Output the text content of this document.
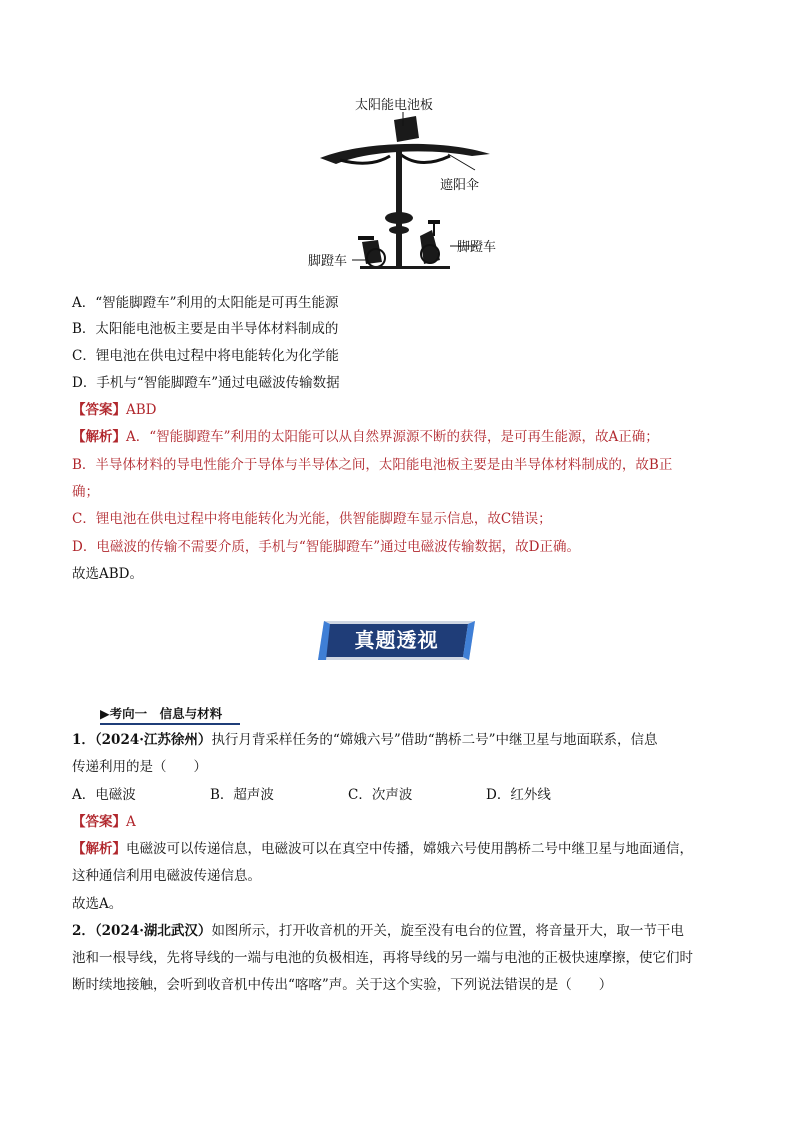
太阳能电池板
遮阳伞
脚蹬车
脚蹬车
A．“智能脚蹬车”利用的太阳能是可再生能源
B．太阳能电池板主要是由半导体材料制成的
C．锂电池在供电过程中将电能转化为化学能
D．手机与“智能脚蹬车”通过电磁波传输数据
【答案】ABD
【解析】A．“智能脚蹬车”利用的太阳能可以从自然界源源不断的获得，是可再生能源，故A正确；
B．半导体材料的导电性能介于导体与半导体之间，太阳能电池板主要是由半导体材料制成的，故B正
确；
C．锂电池在供电过程中将电能转化为光能，供智能脚蹬车显示信息，故C错误；
D．电磁波的传输不需要介质，手机与“智能脚蹬车”通过电磁波传输数据，故D正确。
故选ABD。
真题透视
▶考向一　信息与材料
1．（2024·江苏徐州）执行月背采样任务的“嫦娥六号”借助“鹊桥二号”中继卫星与地面联系，信息
传递利用的是（　　）
A．电磁波	B．超声波	C．次声波	D．红外线
【答案】A
【解析】电磁波可以传递信息，电磁波可以在真空中传播，嫦娥六号使用鹊桥二号中继卫星与地面通信，
这种通信利用电磁波传递信息。
故选A。
2．（2024·湖北武汉）如图所示，打开收音机的开关，旋至没有电台的位置，将音量开大，取一节干电
池和一根导线，先将导线的一端与电池的负极相连，再将导线的另一端与电池的正极快速摩擦，使它们时
断时续地接触，会听到收音机中传出“喀喀”声。关于这个实验，下列说法错误的是（　　）
